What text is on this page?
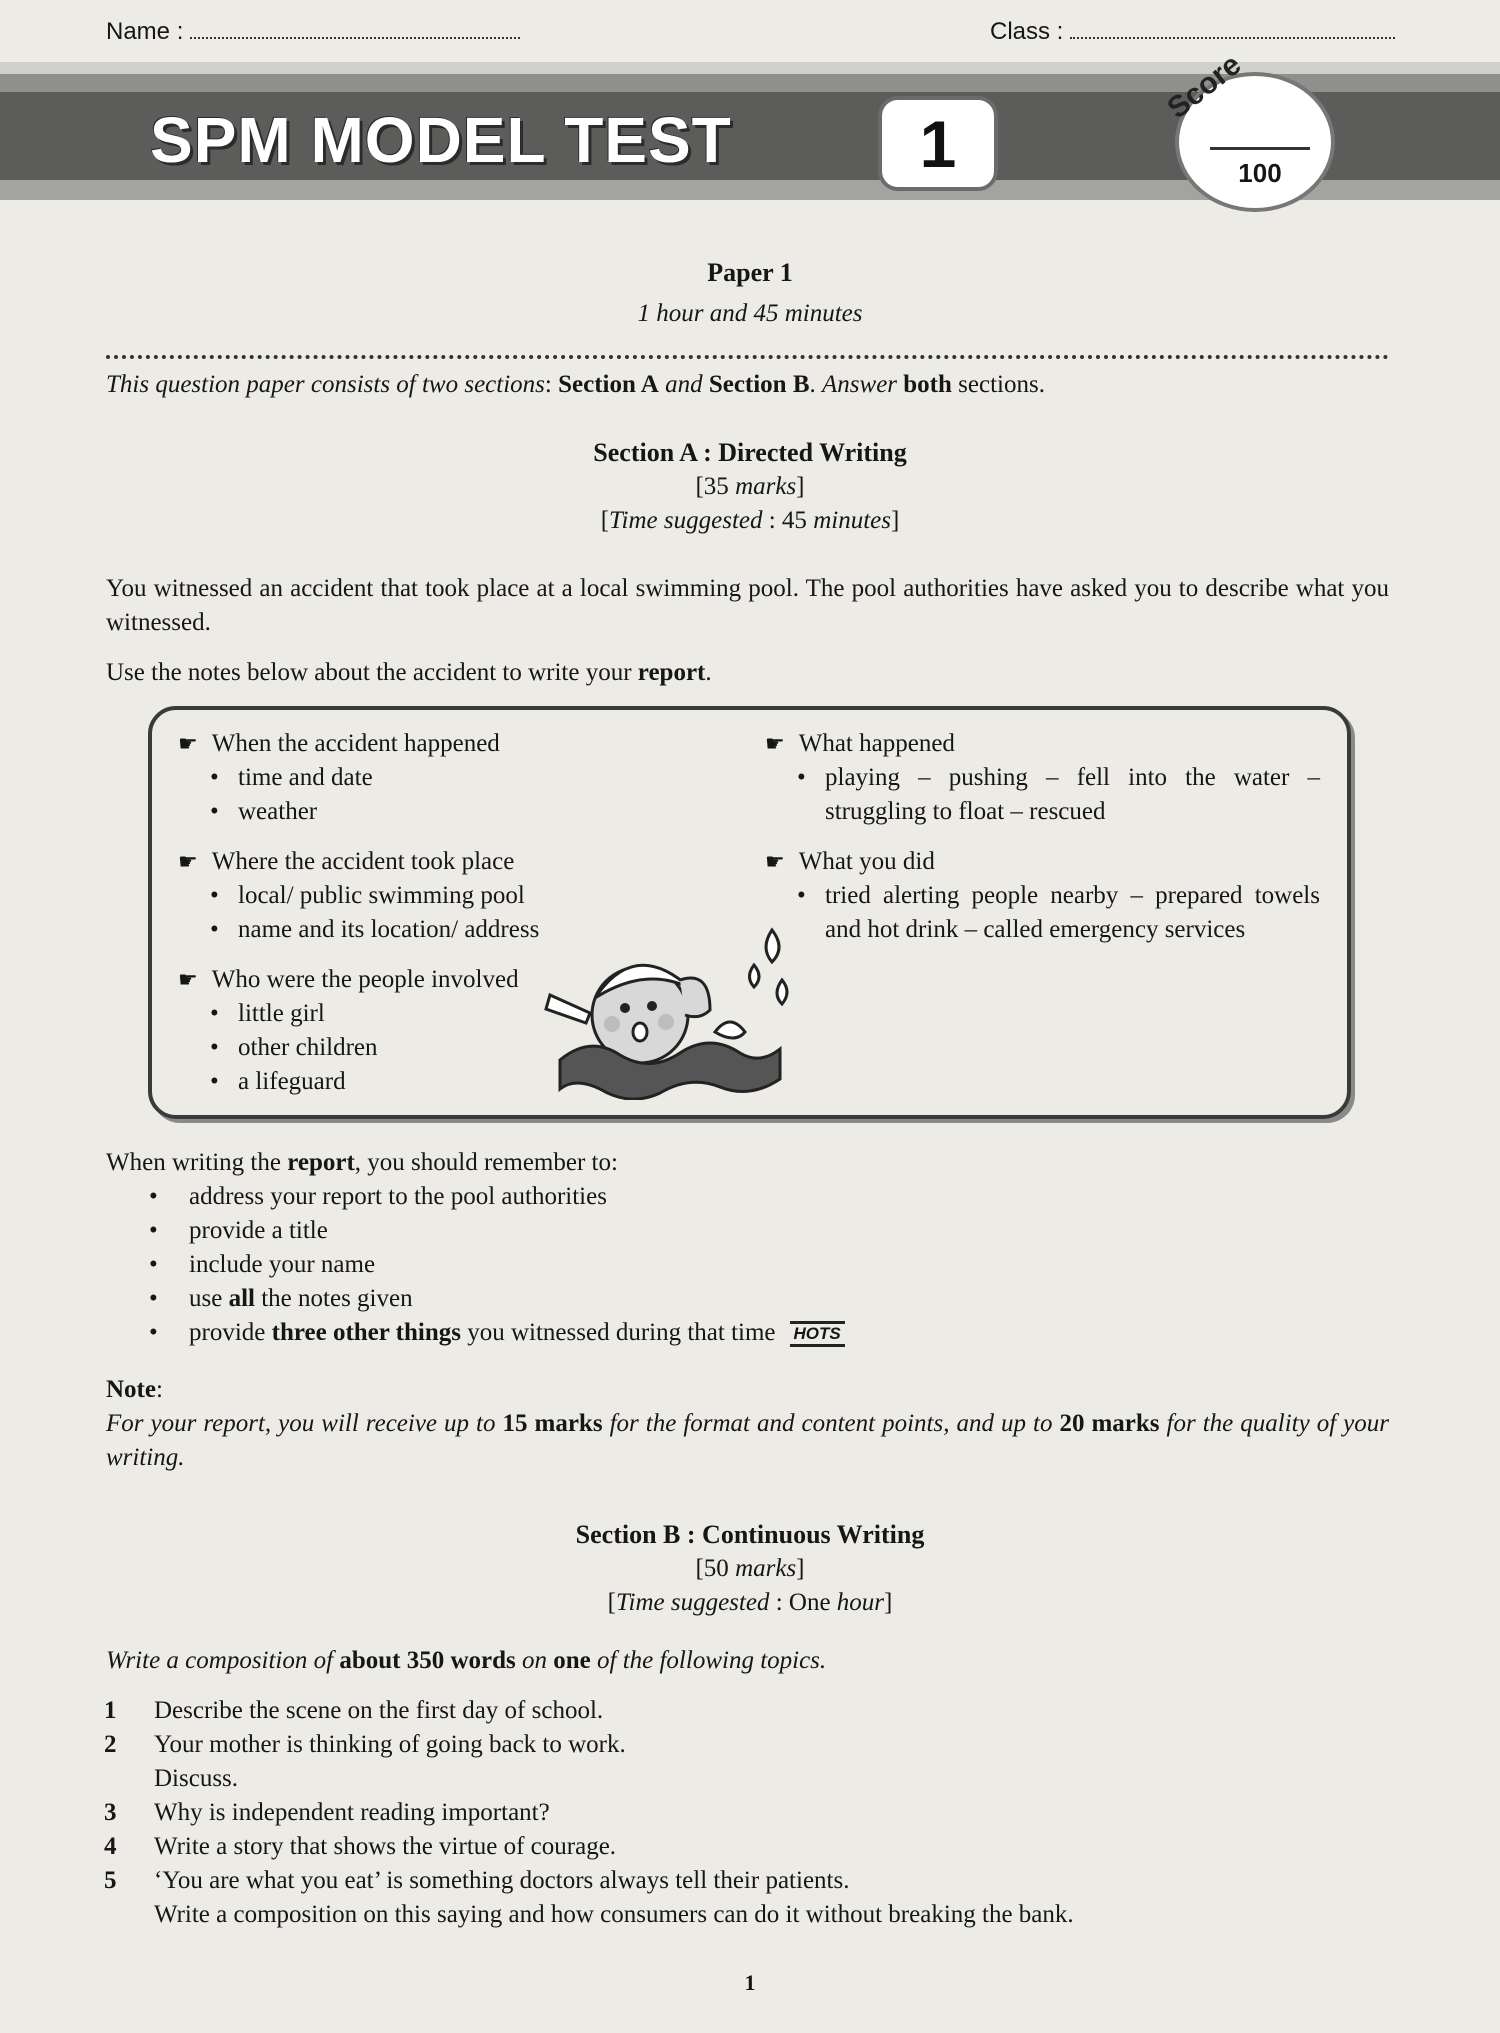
Name :	Class :
SPM MODEL TEST	1
Score
100
Paper 1
1 hour and 45 minutes
This question paper consists of two sections: Section A and Section B. Answer both sections.
Section A : Directed Writing
[35 marks]
[Time suggested : 45 minutes]
You witnessed an accident that took place at a local swimming pool. The pool authorities have asked you to describe what you witnessed.
Use the notes below about the accident to write your report.
☛ When the accident happened
• time and date
• weather
☛ Where the accident took place
• local/ public swimming pool
• name and its location/ address
☛ Who were the people involved
• little girl
• other children
• a lifeguard
☛ What happened
• playing – pushing – fell into the water – struggling to float – rescued
☛ What you did
• tried alerting people nearby – prepared towels and hot drink – called emergency services
When writing the report, you should remember to:
• address your report to the pool authorities
• provide a title
• include your name
• use all the notes given
• provide three other things you witnessed during that time HOTS
Note:
For your report, you will receive up to 15 marks for the format and content points, and up to 20 marks for the quality of your writing.
Section B : Continuous Writing
[50 marks]
[Time suggested : One hour]
Write a composition of about 350 words on one of the following topics.
1 Describe the scene on the first day of school.
2 Your mother is thinking of going back to work.
Discuss.
3 Why is independent reading important?
4 Write a story that shows the virtue of courage.
5 ‘You are what you eat’ is something doctors always tell their patients.
Write a composition on this saying and how consumers can do it without breaking the bank.
1
